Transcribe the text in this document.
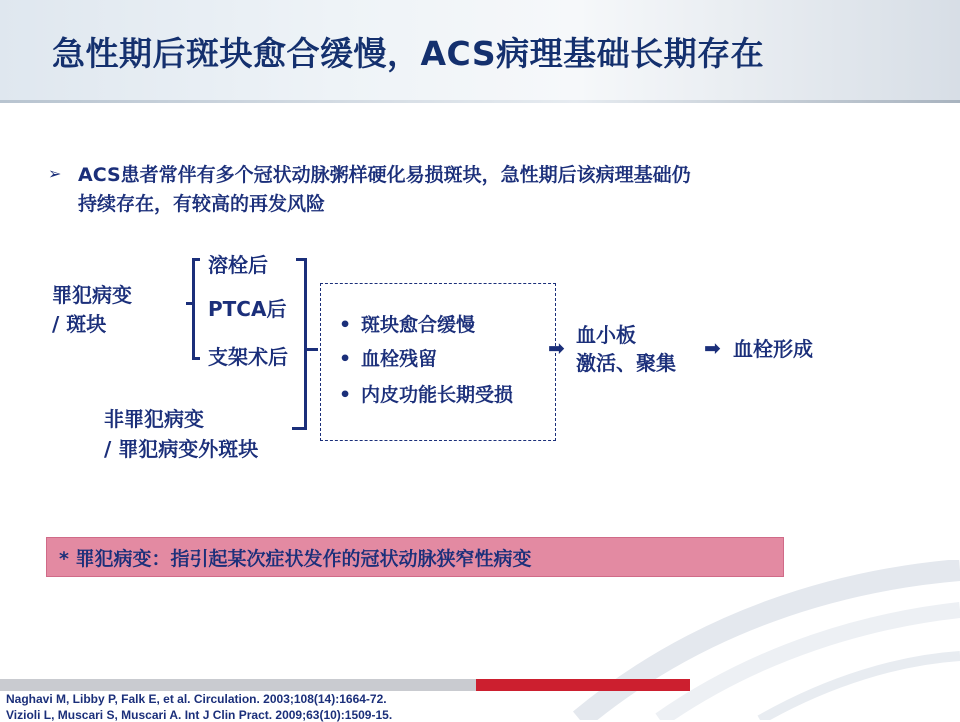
急性期后斑块愈合缓慢，ACS病理基础长期存在
➢ ACS患者常伴有多个冠状动脉粥样硬化易损斑块，急性期后该病理基础仍
持续存在，有较高的再发风险
罪犯病变
/ 斑块
溶栓后
PTCA后
支架术后
非罪犯病变
/ 罪犯病变外斑块
• 斑块愈合缓慢
• 血栓残留
• 内皮功能长期受损
➡
血小板
激活、聚集
➡ 血栓形成
* 罪犯病变：指引起某次症状发作的冠状动脉狭窄性病变
Naghavi M, Libby P, Falk E, et al. Circulation. 2003;108(14):1664-72.
Vizioli L, Muscari S, Muscari A. Int J Clin Pract. 2009;63(10):1509-15.
